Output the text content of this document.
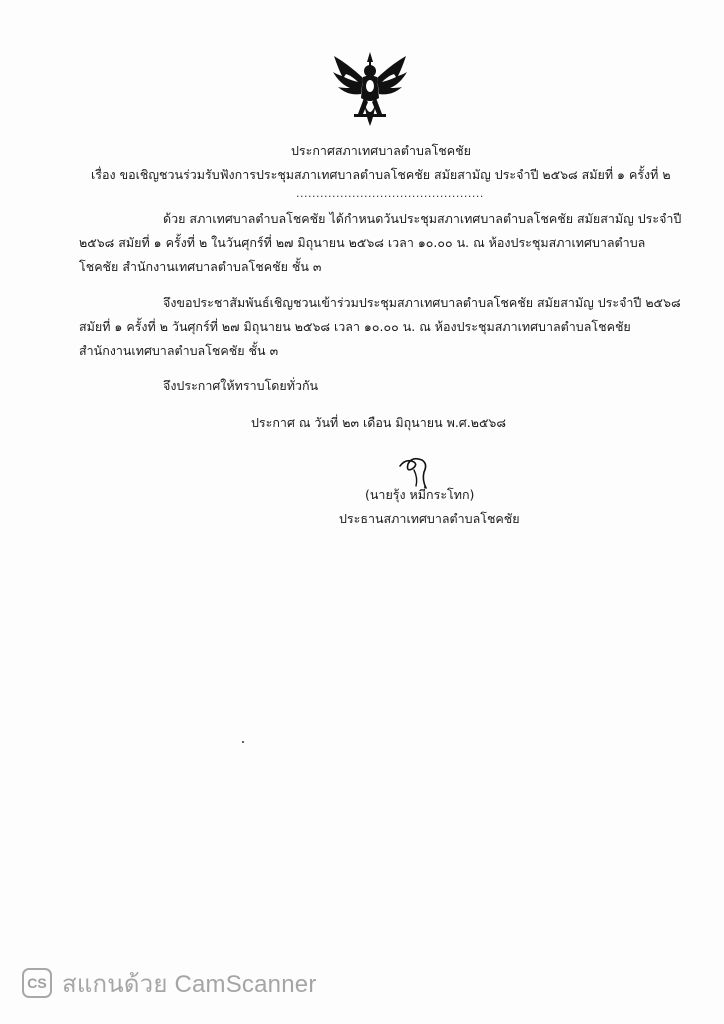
ประกาศสภาเทศบาลตำบลโชคชัย
เรื่อง ขอเชิญชวนร่วมรับฟังการประชุมสภาเทศบาลตำบลโชคชัย สมัยสามัญ ประจำปี ๒๕๖๘ สมัยที่ ๑ ครั้งที่ ๒
...............................................
ด้วย สภาเทศบาลตำบลโชคชัย ได้กำหนดวันประชุมสภาเทศบาลตำบลโชคชัย สมัยสามัญ ประจำปี
๒๕๖๘ สมัยที่ ๑ ครั้งที่ ๒ ในวันศุกร์ที่ ๒๗ มิถุนายน ๒๕๖๘ เวลา ๑๐.๐๐ น. ณ ห้องประชุมสภาเทศบาลตำบล
โชคชัย สำนักงานเทศบาลตำบลโชคชัย ชั้น ๓
จึงขอประชาสัมพันธ์เชิญชวนเข้าร่วมประชุมสภาเทศบาลตำบลโชคชัย สมัยสามัญ ประจำปี ๒๕๖๘
สมัยที่ ๑ ครั้งที่ ๒ วันศุกร์ที่ ๒๗ มิถุนายน ๒๕๖๘ เวลา ๑๐.๐๐ น. ณ ห้องประชุมสภาเทศบาลตำบลโชคชัย
สำนักงานเทศบาลตำบลโชคชัย ชั้น ๓
จึงประกาศให้ทราบโดยทั่วกัน
ประกาศ ณ วันที่ ๒๓ เดือน มิถุนายน พ.ศ.๒๕๖๘
(นายรุ้ง หมี่กระโทก)
ประธานสภาเทศบาลตำบลโชคชัย
CS สแกนด้วย CamScanner
